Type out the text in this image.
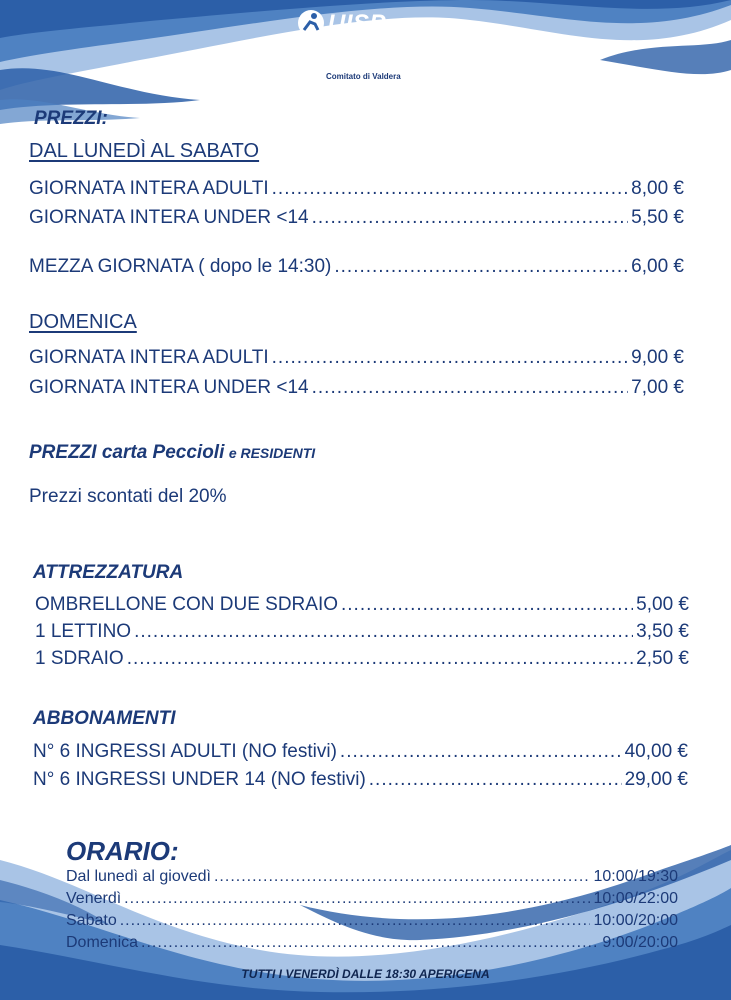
UISP
sportpertutti
Comitato di Valdera
PREZZI:
DAL LUNEDÌ AL SABATO
GIORNATA INTERA ADULTI .....	8,00 €
GIORNATA INTERA UNDER <14 .....	5,50 €
MEZZA GIORNATA ( dopo le 14:30) .....	6,00 €
DOMENICA
GIORNATA INTERA ADULTI .....	9,00 €
GIORNATA INTERA UNDER <14 .....	7,00 €
PREZZI carta Peccioli e RESIDENTI
Prezzi scontati del 20%
ATTREZZATURA
OMBRELLONE CON DUE SDRAIO .....	5,00 €
1 LETTINO .....	3,50 €
1 SDRAIO .....	2,50 €
ABBONAMENTI
N° 6 INGRESSI ADULTI (NO festivi) .....	40,00 €
N° 6 INGRESSI UNDER 14 (NO festivi) .....	29,00 €
ORARIO:
Dal lunedì al giovedì .....	10:00/19:30
Venerdì .....	10:00/22:00
Sabato .....	10:00/20:00
Domenica .....	9:00/20:00
TUTTI I VENERDÌ DALLE 18:30 APERICENA
